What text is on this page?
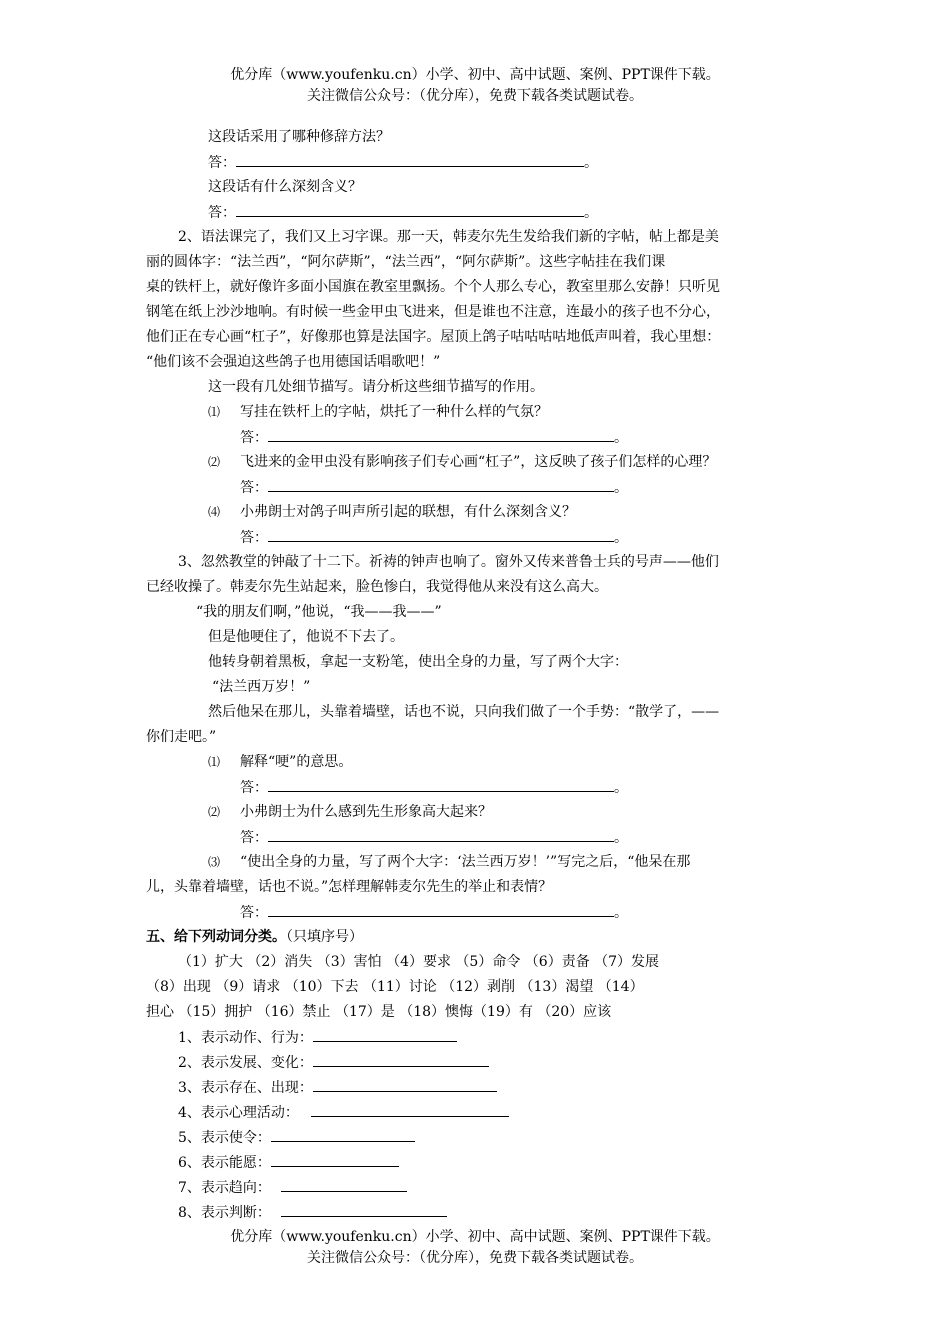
优分库（www.youfenku.cn）小学、初中、高中试题、案例、PPT课件下载。
关注微信公众号：（优分库），免费下载各类试题试卷。
这段话采用了哪种修辞方法？
答：	。
这段话有什么深刻含义？
答：	。
2、语法课完了，我们又上习字课。那一天，韩麦尔先生发给我们新的字帖，帖上都是美
丽的圆体字：“法兰西”，“阿尔萨斯”，“法兰西”，“阿尔萨斯”。这些字帖挂在我们课
桌的铁杆上，就好像许多面小国旗在教室里飘扬。个个人那么专心，教室里那么安静！只听见
钢笔在纸上沙沙地响。有时候一些金甲虫飞进来，但是谁也不注意，连最小的孩子也不分心，
他们正在专心画“杠子”，好像那也算是法国字。屋顶上鸽子咕咕咕咕地低声叫着，我心里想：
“他们该不会强迫这些鸽子也用德国话唱歌吧！”
这一段有几处细节描写。请分析这些细节描写的作用。
⑴ 写挂在铁杆上的字帖，烘托了一种什么样的气氛？
答：	。
⑵ 飞进来的金甲虫没有影响孩子们专心画“杠子”，这反映了孩子们怎样的心理？
答：	。
⑷ 小弗朗士对鸽子叫声所引起的联想，有什么深刻含义？
答：	。
3、忽然教堂的钟敲了十二下。祈祷的钟声也响了。窗外又传来普鲁士兵的号声——他们
已经收操了。韩麦尔先生站起来，脸色惨白，我觉得他从来没有这么高大。
“我的朋友们啊，”他说，“我——我——”
但是他哽住了，他说不下去了。
他转身朝着黑板，拿起一支粉笔，使出全身的力量，写了两个大字：
“法兰西万岁！”
然后他呆在那儿，头靠着墙壁，话也不说，只向我们做了一个手势：“散学了，——
你们走吧。”
⑴ 解释“哽”的意思。
答：	。
⑵ 小弗朗士为什么感到先生形象高大起来？
答：	。
⑶ “使出全身的力量，写了两个大字：‘法兰西万岁！’”写完之后，“他呆在那
儿，头靠着墙壁，话也不说。”怎样理解韩麦尔先生的举止和表情？
答：	。
五、给下列动词分类。（只填序号）
（1）扩大 （2）消失 （3）害怕 （4）要求 （5）命令 （6）责备 （7）发展
（8）出现 （9）请求 （10）下去 （11）讨论 （12）剥削 （13）渴望 （14）
担心 （15）拥护 （16）禁止 （17）是 （18）懊悔（19）有 （20）应该
1、表示动作、行为：
2、表示发展、变化：
3、表示存在、出现：
4、表示心理活动：
5、表示使令：
6、表示能愿：
7、表示趋向：
8、表示判断：
优分库（www.youfenku.cn）小学、初中、高中试题、案例、PPT课件下载。
关注微信公众号：（优分库），免费下载各类试题试卷。
